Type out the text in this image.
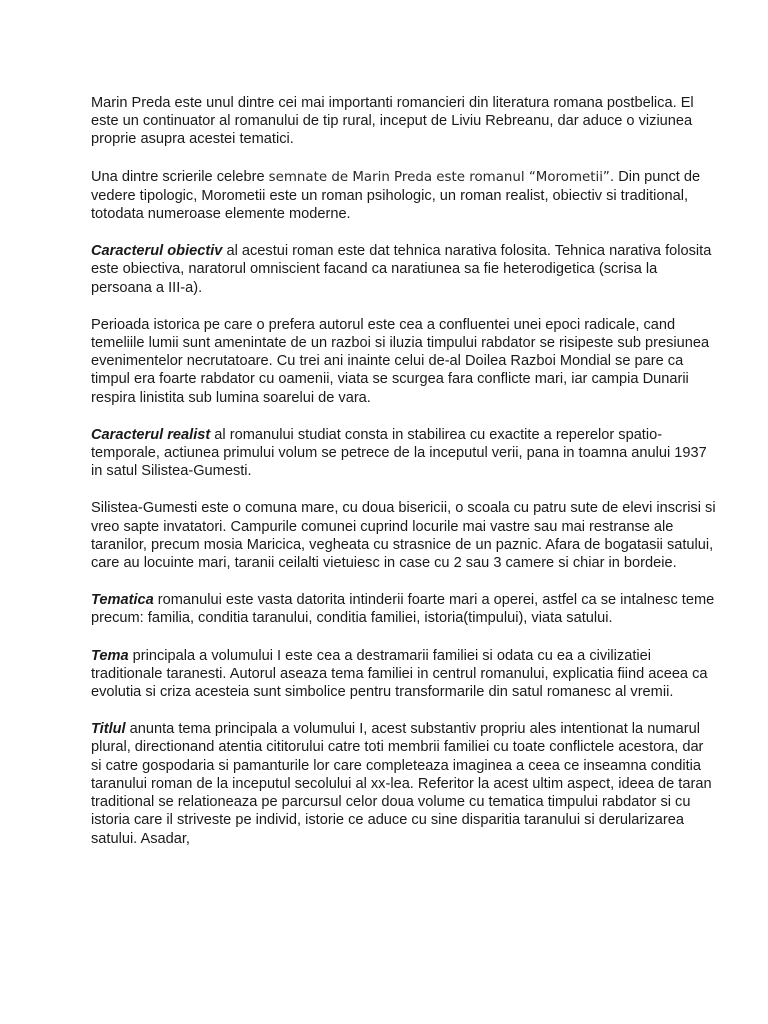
Marin Preda este unul dintre cei mai importanti romancieri din literatura romana postbelica. El este un continuator al romanului de tip rural, inceput de Liviu Rebreanu, dar aduce o viziunea proprie asupra acestei tematici.

Una dintre scrierile celebre semnate de Marin Preda este romanul “Morometii”. Din punct de vedere tipologic, Morometii este un roman psihologic, un roman realist, obiectiv si traditional, totodata numeroase elemente moderne.

Caracterul obiectiv al acestui roman este dat tehnica narativa folosita. Tehnica narativa folosita este obiectiva, naratorul omniscient facand ca naratiunea sa fie heterodigetica (scrisa la persoana a III-a).

Perioada istorica pe care o prefera autorul este cea a confluentei unei epoci radicale, cand temeliile lumii sunt amenintate de un razboi si iluzia timpului rabdator se risipeste sub presiunea evenimentelor necrutatoare. Cu trei ani inainte celui de-al Doilea Razboi Mondial se pare ca timpul era foarte rabdator cu oamenii, viata se scurgea fara conflicte mari, iar campia Dunarii respira linistita sub lumina soarelui de vara.

Caracterul realist al romanului studiat consta in stabilirea cu exactite a reperelor spatio-temporale, actiunea primului volum se petrece de la inceputul verii, pana in toamna anului 1937 in satul Silistea-Gumesti.

Silistea-Gumesti este o comuna mare, cu doua bisericii, o scoala cu patru sute de elevi inscrisi si vreo sapte invatatori. Campurile comunei cuprind locurile mai vastre sau mai restranse ale taranilor, precum mosia Maricica, vegheata cu strasnice de un paznic. Afara de bogatasii satului, care au locuinte mari, taranii ceilalti vietuiesc in case cu 2 sau 3 camere si chiar in bordeie.

Tematica romanului este vasta datorita intinderii foarte mari a operei, astfel ca se intalnesc teme precum: familia, conditia taranului, conditia familiei, istoria(timpului), viata satului.

Tema principala a volumului I este cea a destramarii familiei si odata cu ea a civilizatiei traditionale taranesti. Autorul aseaza tema familiei in centrul romanului, explicatia fiind aceea ca evolutia si criza acesteia sunt simbolice pentru transformarile din satul romanesc al vremii.

Titlul anunta tema principala a volumului I, acest substantiv propriu ales intentionat la numarul plural, directionand atentia cititorului catre toti membrii familiei cu toate conflictele acestora, dar si catre gospodaria si pamanturile lor care completeaza imaginea a ceea ce inseamna conditia taranului roman de la inceputul secolului al xx-lea. Referitor la acest ultim aspect, ideea de taran traditional se relationeaza pe parcursul celor doua volume cu tematica timpului rabdator si cu istoria care il striveste pe individ, istorie ce aduce cu sine disparitia taranului si derularizarea satului. Asadar,
